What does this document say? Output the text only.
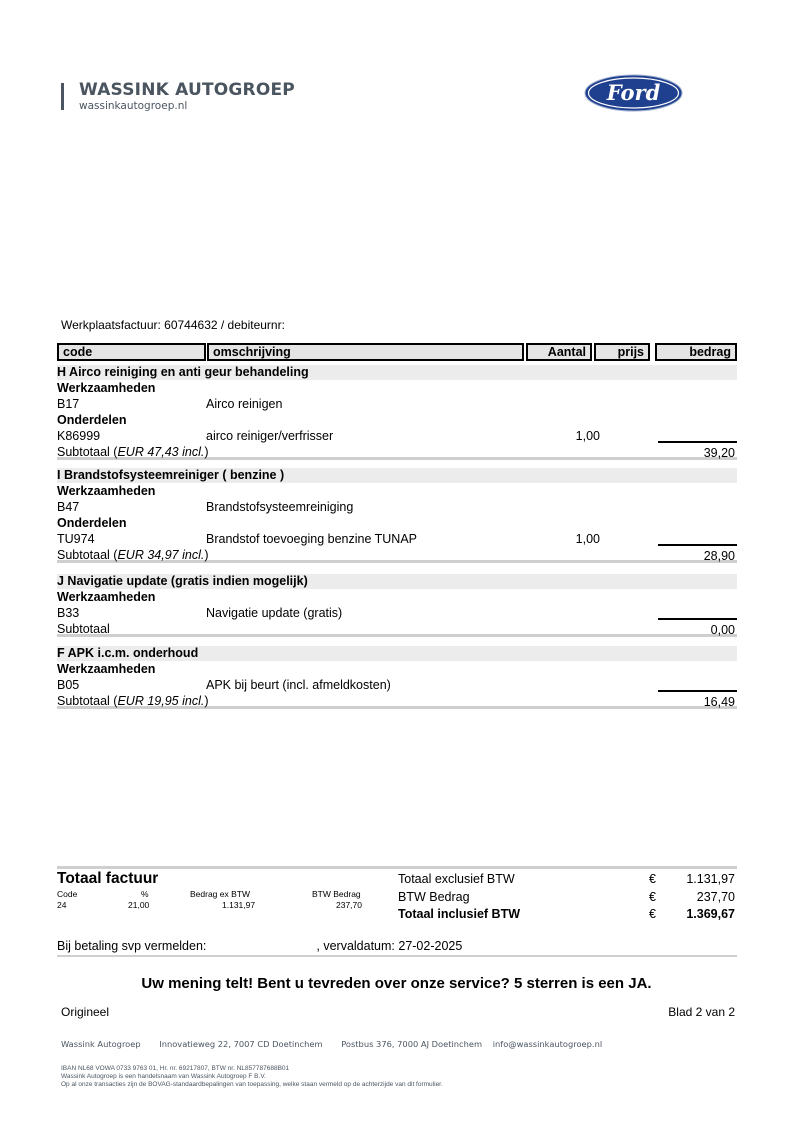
WASSINK AUTOGROEP
wassinkautogroep.nl
Ford
Werkplaatsfactuur: 60744632 / debiteurnr:
code	omschrijving	Aantal	prijs	bedrag
H Airco reiniging en anti geur behandeling
Werkzaamheden
B17	Airco reinigen
Onderdelen
K86999	airco reiniger/verfrisser	1,00
Subtotaal (EUR 47,43 incl.)	39,20
I Brandstofsysteemreiniger ( benzine )
Werkzaamheden
B47	Brandstofsysteemreiniging
Onderdelen
TU974	Brandstof toevoeging benzine TUNAP	1,00
Subtotaal (EUR 34,97 incl.)	28,90
J Navigatie update (gratis indien mogelijk)
Werkzaamheden
B33	Navigatie update (gratis)
Subtotaal	0,00
F APK i.c.m. onderhoud
Werkzaamheden
B05	APK bij beurt (incl. afmeldkosten)
Subtotaal (EUR 19,95 incl.)	16,49
Totaal factuur
Code	%	Bedrag ex BTW	BTW Bedrag
24	21,00	1.131,97	237,70
Totaal exclusief BTW	€ 1.131,97
BTW Bedrag	€	237,70
Totaal inclusief BTW	€ 1.369,67
Bij betaling svp vermelden:	, vervaldatum: 27-02-2025
Uw mening telt! Bent u tevreden over onze service? 5 sterren is een JA.
Origineel	Blad 2 van 2
Wassink Autogroep Innovatieweg 22, 7007 CD Doetinchem Postbus 376, 7000 AJ Doetinchem info@wassinkautogroep.nl
IBAN NL68 VOWA 0733 9763 01, Hr. nr. 69217807, BTW nr. NL857787688B01
Wassink Autogroep is een handelsnaam van Wassink Autogroep F B.V.
Op al onze transacties zijn de BOVAG-standaardbepalingen van toepassing, welke staan vermeld op de achterzijde van dit formulier.
